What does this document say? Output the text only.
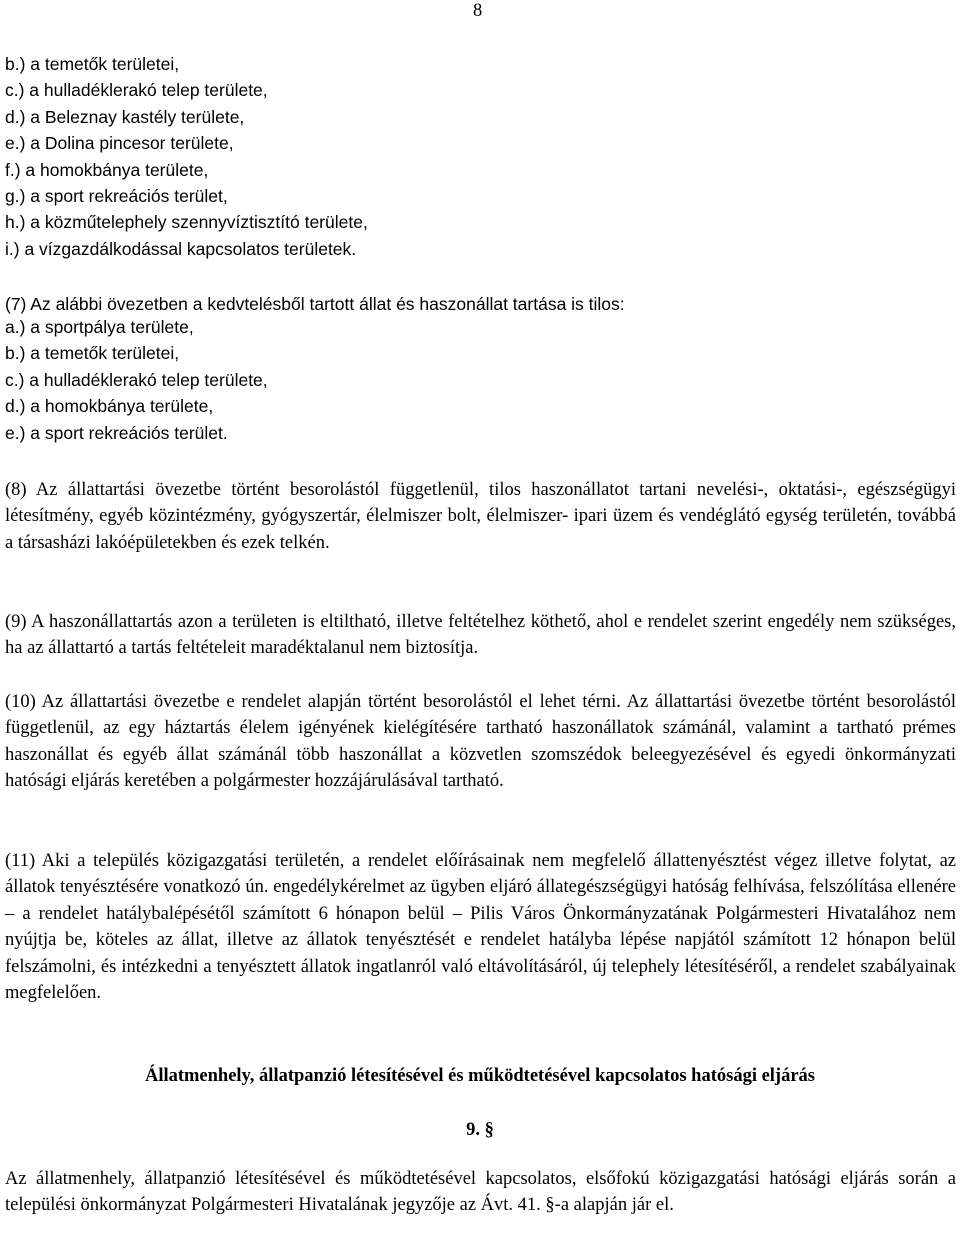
8
b.) a temetők területei,
c.) a hulladéklerakó telep területe,
d.) a Beleznay kastély területe,
e.) a Dolina pincesor területe,
f.) a homokbánya területe,
g.) a sport rekreációs terület,
h.) a közműtelephely szennyvíztisztító területe,
i.) a vízgazdálkodással kapcsolatos területek.
(7) Az alábbi övezetben a kedvtelésből tartott állat és haszonállat tartása is tilos:
a.) a sportpálya területe,
b.) a temetők területei,
c.) a hulladéklerakó telep területe,
d.) a homokbánya területe,
e.) a sport rekreációs terület.

(8) Az állattartási övezetbe történt besorolástól függetlenül, tilos haszonállatot tartani nevelési-, oktatási-, egészségügyi létesítmény, egyéb közintézmény, gyógyszertár, élelmiszer bolt, élelmiszer- ipari üzem és vendéglátó egység területén, továbbá a társasházi lakóépületekben és ezek telkén.

(9) A haszonállattartás azon a területen is eltiltható, illetve feltételhez köthető, ahol e rendelet szerint engedély nem szükséges, ha az állattartó a tartás feltételeit maradéktalanul nem biztosítja.

(10) Az állattartási övezetbe e rendelet alapján történt besorolástól el lehet térni. Az állattartási övezetbe történt besorolástól függetlenül, az egy háztartás élelem igényének kielégítésére tartható haszonállatok számánál, valamint a tartható prémes haszonállat és egyéb állat számánál több haszonállat a közvetlen szomszédok beleegyezésével és egyedi önkormányzati hatósági eljárás keretében a polgármester hozzájárulásával tartható.

(11) Aki a település közigazgatási területén, a rendelet előírásainak nem megfelelő állattenyésztést végez illetve folytat, az állatok tenyésztésére vonatkozó ún. engedélykérelmet az ügyben eljáró állategészségügyi hatóság felhívása, felszólítása ellenére – a rendelet hatálybalépésétől számított 6 hónapon belül – Pilis Város Önkormányzatának Polgármesteri Hivatalához nem nyújtja be, köteles az állat, illetve az állatok tenyésztését e rendelet hatályba lépése napjától számított 12 hónapon belül felszámolni, és intézkedni a tenyésztett állatok ingatlanról való eltávolításáról, új telephely létesítéséről, a rendelet szabályainak megfelelően.

Állatmenhely, állatpanzió létesítésével és működtetésével kapcsolatos hatósági eljárás
9. §

Az állatmenhely, állatpanzió létesítésével és működtetésével kapcsolatos, elsőfokú közigazgatási hatósági eljárás során a települési önkormányzat Polgármesteri Hivatalának jegyzője az Ávt. 41. §-a alapján jár el.
